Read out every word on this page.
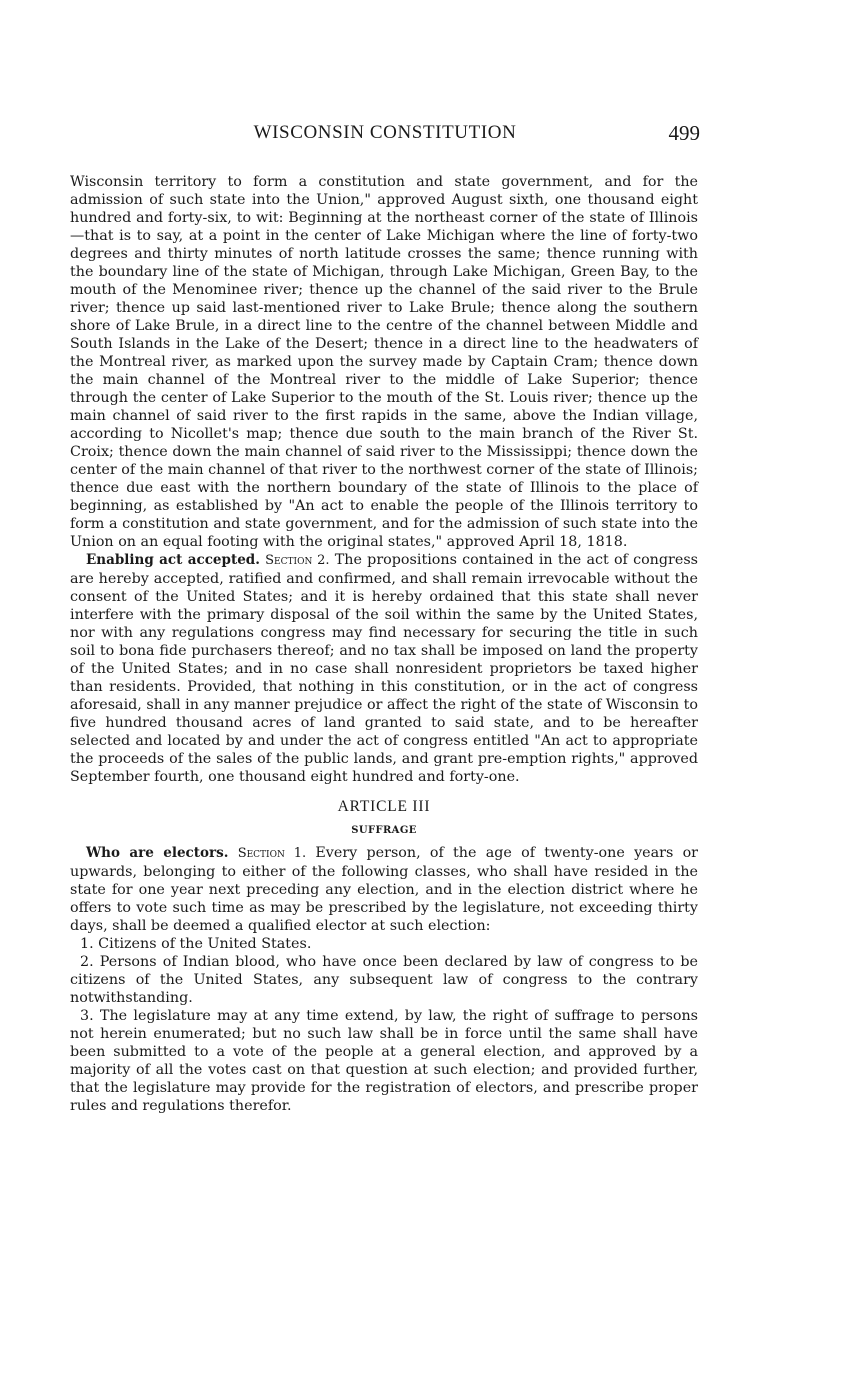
WISCONSIN CONSTITUTION	499

Wisconsin territory to form a constitution and state government, and for the admission of such state into the Union," approved August sixth, one thousand eight hundred and forty-six, to wit: Beginning at the northeast corner of the state of Illinois—that is to say, at a point in the center of Lake Michigan where the line of forty-two degrees and thirty minutes of north latitude crosses the same; thence running with the boundary line of the state of Michigan, through Lake Michigan, Green Bay, to the mouth of the Menominee river; thence up the channel of the said river to the Brule river; thence up said last-mentioned river to Lake Brule; thence along the southern shore of Lake Brule, in a direct line to the centre of the channel between Middle and South Islands in the Lake of the Desert; thence in a direct line to the headwaters of the Montreal river, as marked upon the survey made by Captain Cram; thence down the main channel of the Montreal river to the middle of Lake Superior; thence through the center of Lake Superior to the mouth of the St. Louis river; thence up the main channel of said river to the first rapids in the same, above the Indian village, according to Nicollet's map; thence due south to the main branch of the River St. Croix; thence down the main channel of said river to the Mississippi; thence down the center of the main channel of that river to the northwest corner of the state of Illinois; thence due east with the northern boundary of the state of Illinois to the place of beginning, as established by "An act to enable the people of the Illinois territory to form a constitution and state government, and for the admission of such state into the Union on an equal footing with the original states," approved April 18, 1818.

Enabling act accepted. Section 2. The propositions contained in the act of congress are hereby accepted, ratified and confirmed, and shall remain irrevocable without the consent of the United States; and it is hereby ordained that this state shall never interfere with the primary disposal of the soil within the same by the United States, nor with any regulations congress may find necessary for securing the title in such soil to bona fide purchasers thereof; and no tax shall be imposed on land the property of the United States; and in no case shall nonresident proprietors be taxed higher than residents. Provided, that nothing in this constitution, or in the act of congress aforesaid, shall in any manner prejudice or affect the right of the state of Wisconsin to five hundred thousand acres of land granted to said state, and to be hereafter selected and located by and under the act of congress entitled "An act to appropriate the proceeds of the sales of the public lands, and grant pre-emption rights," approved September fourth, one thousand eight hundred and forty-one.

ARTICLE III
SUFFRAGE

Who are electors. Section 1. Every person, of the age of twenty-one years or upwards, belonging to either of the following classes, who shall have resided in the state for one year next preceding any election, and in the election district where he offers to vote such time as may be prescribed by the legislature, not exceeding thirty days, shall be deemed a qualified elector at such election:

1. Citizens of the United States.

2. Persons of Indian blood, who have once been declared by law of congress to be citizens of the United States, any subsequent law of congress to the contrary notwithstanding.

3. The legislature may at any time extend, by law, the right of suffrage to persons not herein enumerated; but no such law shall be in force until the same shall have been submitted to a vote of the people at a general election, and approved by a majority of all the votes cast on that question at such election; and provided further, that the legislature may provide for the registration of electors, and prescribe proper rules and regulations therefor.
